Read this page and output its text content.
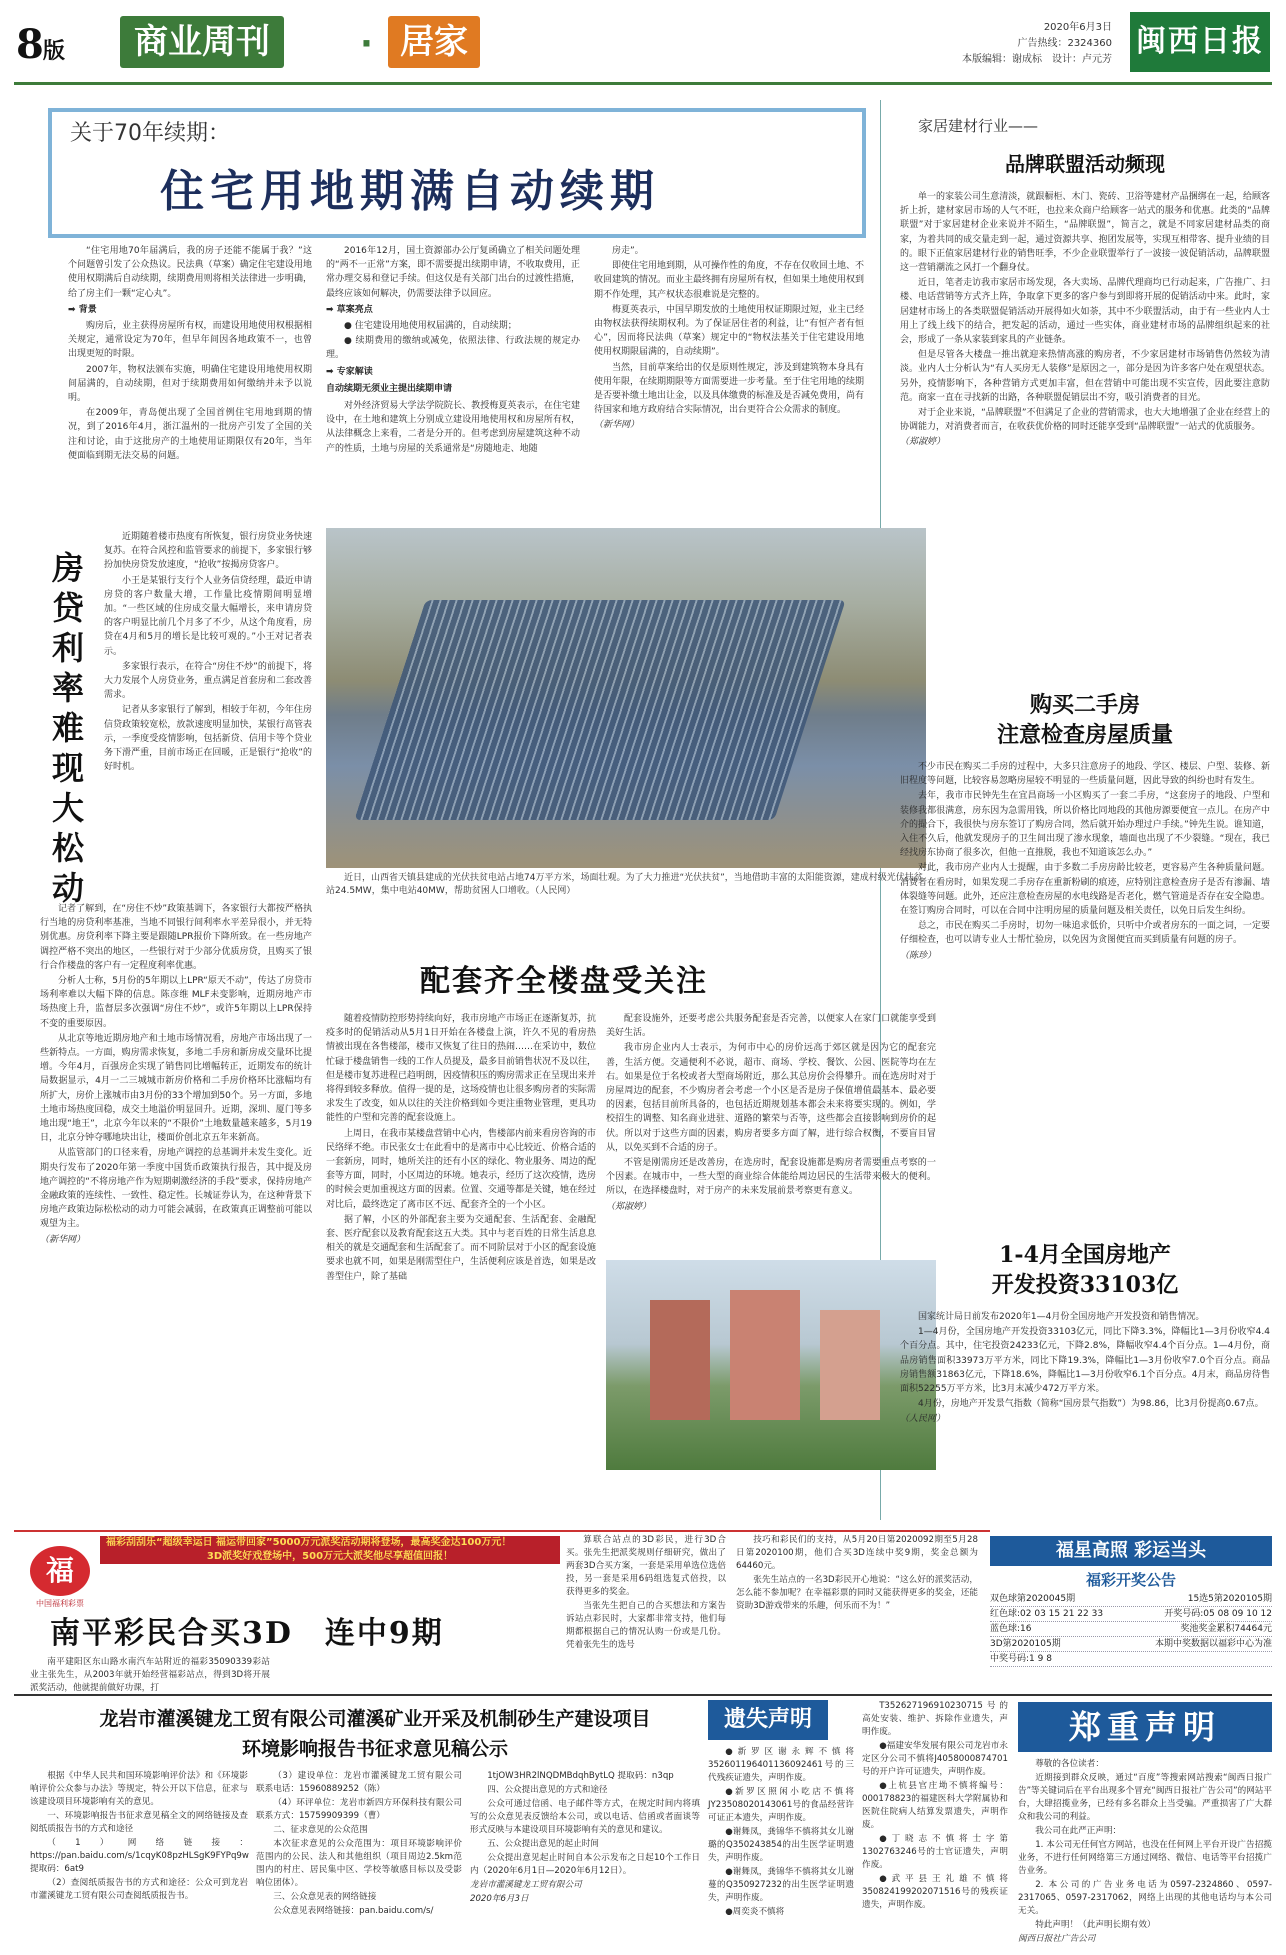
8版	商业周刊	· 居家	2020年6月3日
广告热线：2324360
本版编辑：谢成标　设计：卢元芳
闽西日报
关于70年续期：
住宅用地期满自动续期

“住宅用地70年届满后，我的房子还能不能属于我？”这个问题曾引发了公众热议。民法典（草案）确定住宅建设用地使用权期满后自动续期，续期费用则将相关法律进一步明确，给了房主们一颗“定心丸”。

➡ 背景

购房后，业主获得房屋所有权，而建设用地使用权根据相关规定，通常设定为70年，但早年间因各地政策不一，也曾出现更短的时限。

2007年，物权法颁布实施，明确住宅建设用地使用权期间届满的，自动续期，但对于续期费用如何缴纳并未予以说明。

在2009年，青岛便出现了全国首例住宅用地到期的情况，到了2016年4月，浙江温州的一批房产引发了全国的关注和讨论，由于这批房产的土地使用证期限仅有20年，当年便面临到期无法交易的问题。

2016年12月，国土资源部办公厅复函确立了相关问题处理的“两不一正常”方案，即不需要提出续期申请，不收取费用，正常办理交易和登记手续。但这仅是有关部门出台的过渡性措施，最终应该如何解决，仍需要法律予以回应。

➡ 草案亮点

● 住宅建设用地使用权届满的，自动续期；

● 续期费用的缴纳或减免，依照法律、行政法规的规定办理。

➡ 专家解读

自动续期无须业主提出续期申请

对外经济贸易大学法学院院长、教授梅夏英表示，在住宅建设中，在土地和建筑上分别成立建设用地使用权和房屋所有权，从法律概念上来看，二者是分开的。但考虑到房屋建筑这种不动产的性质，土地与房屋的关系通常是“房随地走、地随

房走”。

即使住宅用地到期，从可操作性的角度，不存在仅收回土地、不收回建筑的情况。而业主最终拥有房屋所有权，但如果土地使用权到期不作处理，其产权状态很难说是完整的。

梅夏英表示，中国早期发放的土地使用权证期限过短，业主已经由物权法获得续期权利。为了保证居住者的利益，让“有恒产者有恒心”，因而将民法典（草案）规定中的“物权法基关于住宅建设用地使用权期限届满的，自动续期”。

当然，目前草案给出的仅是原则性规定，涉及到建筑物本身具有使用年限，在续期期限等方面需要进一步考量。至于住宅用地的续期是否要补缴土地出让金，以及具体缴费的标准及是否减免费用，尚有待国家和地方政府结合实际情况，出台更符合公众需求的制度。

（新华网）

房贷利率难现大松动

近期随着楼市热度有所恢复，银行房贷业务快速复苏。在符合风控和监管要求的前提下，多家银行够扮加快房贷发放速度，“抢收”按揭房贷客户。

小王是某银行支行个人业务信贷经理，最近申请房贷的客户数量大增，工作量比疫情期间明显增加。“一些区域的住房成交量大幅增长，来申请房贷的客户明显比前几个月多了不少，从这个角度看，房贷在4月和5月的增长是比较可观的。”小王对记者表示。

多家银行表示，在符合“房住不炒”的前提下，将大力发展个人房贷业务，重点满足首套房和二套改善需求。

记者从多家银行了解到，相较于年初，今年住房信贷政策较宽松，放款速度明显加快，某银行高管表示，一季度受疫情影响，包括新贷、信用卡等个贷业务下滑严重，目前市场正在回暖，正是银行“抢收”的好时机。

记者了解到，在“房住不炒”政策基调下，各家银行大都按严格执行当地的房贷利率基准，当地不同银行间利率水平差异很小，并无特别优惠。房贷利率下降主要是跟随LPR报价下降所致。在一些房地产调控严格不突出的地区，一些银行对于少部分优质房贷，且购买了银行合作楼盘的客户有一定程度利率优惠。

分析人士称，5月份的5年期以上LPR“原天不动”，传达了房贷市场利率难以大幅下降的信息。陈彦维 MLF未变影响，近期房地产市场热度上升，监督层多次强调“房住不炒”，或许5年期以上LPR保持不变的重要原因。

从北京等地近期房地产和土地市场情况看，房地产市场出现了一些新特点。一方面，购房需求恢复，多地二手房和新房成交量环比提增。今年4月，百强房企实现了销售同比增幅转正，近期发布的统计局数据显示，4月一二三城城市新房价格和二手房价格环比涨幅均有所扩大，房价上涨城市由3月份的33个增加到50个。另一方面，多地土地市场热度回稳，成交土地溢价明显回升。近期，深圳、厦门等多地出现“地王”，北京今年以来的“不限价”土地数量越来越多，5月19日，北京分钟夺哪地块出让，楼面价创北京五年来新高。

从监管部门的口径来看，房地产调控的总基调并未发生变化。近期央行发布了2020年第一季度中国货币政策执行报告，其中提及房地产调控的“不将房地产作为短期刺激经济的手段”要求，保持房地产金融政策的连续性、一致性、稳定性。长城证券认为，在这种背景下房地产政策边际松松动的动力可能会减弱，在政策真正调整前可能以观望为主。

（新华网）

近日，山西省天镇县建成的光伏扶贫电站占地74万平方米，场面壮观。为了大力推进“光伏扶贫”，当地借助丰富的太阳能资源，建成村级光伏扶贫站24.5MW，集中电站40MW，帮助贫困人口增收。（人民网）
配套齐全楼盘受关注

随着疫情防控形势持续向好，我市房地产市场正在逐渐复苏，抗疫多时的促销活动从5月1日开始在各楼盘上演，许久不见的看房热情被出现在各售楼部，楼市又恢复了往日的热闹……在采访中，数位忙碌于楼盘销售一线的工作人员提及，最多目前销售状况不及以往，但是楼市复苏进程已趋明朗，因疫情积压的购房需求正在呈现出来并将得到较多释放。值得一提的是，这场疫情也让很多购房者的实际需求发生了改变，如从以往的关注价格到如今更注重物业管理，更具功能性的户型和完善的配套设施上。

上周日，在我市某楼盘营销中心内，售楼部内前来看房咨询的市民络绎不绝。市民张女士在此看中的是离市中心比较近、价格合适的一套新房，同时，她所关注的还有小区的绿化、物业服务、周边的配套等方面，同时，小区周边的环境。她表示，经历了这次疫情，选房的时候会更加重视这方面的因素。位置、交通等都是关键，她在经过对比后，最终选定了离市区不远、配套齐全的一个小区。

据了解，小区的外部配套主要为交通配套、生活配套、金融配套、医疗配套以及教育配套这五大类。其中与老百姓的日常生活息息相关的就是交通配套和生活配套了。而不同阶层对于小区的配套设施要求也就不同，如果是刚需型住户，生活便利应该是首选，如果是改善型住户，除了基础

配套设施外，还要考虑公共服务配套是否完善，以便家人在家门口就能享受到美好生活。

我市房企业内人士表示，为何市中心的房价远高于郊区就是因为它的配套完善，生活方便。交通便利不必说，超市、商场、学校、餐饮、公园、医院等均在左右。如果是位于名校或者大型商场附近，那么其总房价会得攀升。而在选房时对于房屋周边的配套，不少购房者会考虑一个小区是否是房子保值增值最基本、最必要的因素，包括目前所具备的，也包括近期规划基本都会未来将要实现的。例如，学校招生的调整、知名商业进驻、道路的繁荣与否等，这些都会直接影响到房价的起伏。所以对于这些方面的因素，购房者要多方面了解，进行综合权衡，不要盲目冒从，以免买到不合适的房子。

不管是刚需房还是改善房，在选房时，配套设施都是购房者需要重点考察的一个因素。在城市中，一些大型的商业综合体能给周边居民的生活带来极大的便利。所以，在选择楼盘时，对于房产的未来发展前景考察更有意义。

（郑淑婷）

家居建材行业——
品牌联盟活动频现

单一的家装公司生意清淡，就跟橱柜、木门、瓷砖、卫浴等建材产品捆绑在一起，给顾客折上折，建材家居市场的人气不旺，也拉来众商户给顾客一站式的服务和优惠。此类的“品牌联盟”对于家居建材企业来说并不陌生，“品牌联盟”，简言之，就是不同家居建材品类的商家，为着共同的成交量走到一起，通过资源共享、抱团发展等，实现互相带客、提升业绩的目的。眼下正值家居建材行业的销售旺季，不少企业联盟举行了一波接一波促销活动，品牌联盟这一营销潮流之风打一个翻身仗。

近日，笔者走访我市家居市场发现，各大卖场、品牌代理商均已行动起来，广告推广、扫楼、电话营销等方式齐上阵，争取拿下更多的客户参与到即将开展的促销活动中来。此时，家居建材市场上的各类联盟促销活动开展得如火如荼，其中不少联盟活动，由于有一些业内人士用上了线上线下的结合，把发起的活动，通过一些实体，商业建材市场的品牌组织起来的社会，形成了一条从家装到家具的产业链条。

但是尽管各大楼盘一推出就迎来热情高涨的购房者，不少家居建材市场销售仍然较为清淡。业内人士分析认为“有人买房无人装修”是原因之一，部分是因为许多客户处在观望状态。另外，疫情影响下，各种营销方式更加丰富，但在营销中可能出现不实宣传，因此要注意防范。商家一直在寻找新的出路，各种联盟促销层出不穷，吸引消费者的目光。

对于企业来说，“品牌联盟”不但满足了企业的营销需求，也大大地增强了企业在经营上的协调能力，对消费者而言，在收获优价格的同时还能享受到“品牌联盟”一站式的优质服务。

（郑淑婷）

购买二手房
注意检查房屋质量

不少市民在购买二手房的过程中，大多只注意房子的地段、学区、楼层、户型、装修、新旧程度等问题，比较容易忽略房屋较不明显的一些质量问题，因此导致的纠纷也时有发生。

去年，我市市民钟先生在宜昌商场一小区购买了一套二手房，“这套房子的地段、户型和装修我都很满意，房东因为急需用钱，所以价格比同地段的其他房源要便宜一点儿。在房产中介的撮合下，我很快与房东签订了购房合同，然后就开始办理过户手续。”钟先生说。谁知道，入住不久后，他就发现房子的卫生间出现了渗水现象，墙面也出现了不少裂缝。“现在，我已经找房东协商了很多次，但他一直推脱，我也不知道该怎么办。”

对此，我市房产业内人士提醒，由于多数二手房房龄比较老，更容易产生各种质量问题。消费者在看房时，如果发现二手房存在重新粉刷的痕迹，应特别注意检查房子是否有渗漏、墙体裂缝等问题。此外，还应注意检查房屋的水电线路是否老化，燃气管道是否存在安全隐患。在签订购房合同时，可以在合同中注明房屋的质量问题及相关责任，以免日后发生纠纷。

总之，市民在购买二手房时，切勿一味追求低价，只听中介或者房东的一面之词，一定要仔细检查，也可以请专业人士帮忙验房，以免因为贪图便宜而买到质量有问题的房子。

（陈珍）

1-4月全国房地产
开发投资33103亿

国家统计局日前发布2020年1—4月份全国房地产开发投资和销售情况。

1—4月份，全国房地产开发投资33103亿元，同比下降3.3%，降幅比1—3月份收窄4.4个百分点。其中，住宅投资24233亿元，下降2.8%，降幅收窄4.4个百分点。1—4月份，商品房销售面积33973万平方米，同比下降19.3%，降幅比1—3月份收窄7.0个百分点。商品房销售额31863亿元，下降18.6%，降幅比1—3月份收窄6.1个百分点。4月末，商品房待售面积52255万平方米，比3月末减少472万平方米。

4月份，房地产开发景气指数（简称“国房景气指数”）为98.86，比3月份提高0.67点。

（人民网）

福
中国福利彩票
福彩刮刮乐“超级幸运日 福运带回家”5000万元派奖活动期将登场，最高奖金达100万元！
3D派奖好戏登场中，500万元大派奖他尽享超值回报！
南平彩民合买3D　连中9期

南平建阳区东山路水南汽车站附近的福彩35090339彩站业主张先生，从2003年就开始经营福彩站点，得到3D将开展派奖活动，他就提前做好功课，打

算联合站点的3D彩民，进行3D合买。张先生把派奖规则仔细研究，做出了两套3D合买方案，一套是采用单选位选倍投，另一套是采用6码组选复式倍投，以获得更多的奖金。

当张先生把自己的合买想法和方案告诉站点彩民时，大家都非常支持，他们每期都根据自己的情况认购一份或是几份。凭着张先生的选号

技巧和彩民们的支持，从5月20日第2020092期至5月28日第2020100期，他们合买3D连续中奖9期，奖金总额为64460元。

张先生站点的一名3D彩民开心地说：“这么好的派奖活动，怎么能不参加呢？在幸福彩票的同时又能获得更多的奖金，还能资助3D游戏带来的乐趣，何乐而不为！”

福星高照 彩运当头
福彩开奖公告
双色球第2020045期	15选5第2020105期
红色球:02 03 15 21 22 33	开奖号码:05 08 09 10 12
蓝色球:16	奖池奖金累积74464元
3D第2020105期	本期中奖数据以福彩中心为准
中奖号码:1 9 8
龙岩市灌溪键龙工贸有限公司灌溪矿业开采及机制砂生产建设项目
环境影响报告书征求意见稿公示

根据《中华人民共和国环境影响评价法》和《环境影响评价公众参与办法》等规定，特公开以下信息，征求与该建设项目环境影响有关的意见。

一、环境影响报告书征求意见稿全文的网络链接及查阅纸质报告书的方式和途径

（1）网络链接：https://pan.baidu.com/s/1cqyK08pzHLSgK9FYPq9w 提取码：6at9

（2）查阅纸质报告书的方式和途径：公众可到龙岩市灌溪键龙工贸有限公司查阅纸质报告书。

（3）建设单位：龙岩市灌溪键龙工贸有限公司　联系电话：15960889252（陈）

（4）环评单位：龙岩市新四方环保科技有限公司　联系方式：15759909399（曹）

二、征求意见的公众范围

本次征求意见的公众范围为：项目环境影响评价范围内的公民、法人和其他组织（项目周边2.5km范围内的村庄、居民集中区、学校等敏感目标以及受影响位团体）。

三、公众意见表的网络链接

公众意见表网络链接：pan.baidu.com/s/

1tjOW3HR2lNQDMBdqhBytLQ 提取码：n3qp

四、公众提出意见的方式和途径

公众可通过信函、电子邮件等方式，在规定时间内将填写的公众意见表反馈给本公司，或以电话、信函或者面谈等形式反映与本建设项目环境影响有关的意见和建议。

五、公众提出意见的起止时间

公众提出意见起止时间自本公示发布之日起10个工作日内（2020年6月1日—2020年6月12日）。

龙岩市灌溪键龙工贸有限公司

2020年6月3日

遗失声明

●新罗区谢永辉不慎将352601196401136092461号的三代残疾证遗失，声明作废。

●新罗区照闲小吃店不慎将JY23508020143061号的食品经营许可证正本遗失，声明作废。

●谢舞凤，龚锦华不慎将其女儿谢璐的Q350243854的出生医学证明遗失，声明作废。

●谢舞凤，龚锦华不慎将其女儿谢蔓的Q350927232的出生医学证明遗失，声明作废。

●周奕炎不慎将

T352627196910230715号的高处安装、维护、拆除作业遗失，声明作废。

●福建安华发展有限公司龙岩市永定区分公司不慎将J4058000874701号的开户许可证遗失，声明作废。

●上杭县官庄坳不慎将编号：000178823的福建医科大学附属协和医院住院病人结算发票遗失，声明作废。

●丁晓志不慎将士字第1302763246号的士官证遗失，声明作废。

●武平县王礼雄不慎将350824199202071516号的残疾证遗失，声明作废。

郑重声明

尊敬的各位读者：

近期接到群众反映，通过“百度”等搜索网站搜索“闽西日报广告”等关键词后在平台出现多个冒充“闽西日报社广告公司”的网站平台，大肆招揽业务，已经有多名群众上当受骗。严重损害了广大群众和我公司的利益。

我公司在此严正声明：

1. 本公司无任何官方网站，也没在任何网上平台开设广告招揽业务，不进行任何网络第三方通过网络、微信、电话等平台招揽广告业务。

2. 本公司的广告业务电话为0597-2324860、0597-2317065、0597-2317062，网络上出现的其他电话均与本公司无关。

特此声明！（此声明长期有效）

闽西日报社广告公司
